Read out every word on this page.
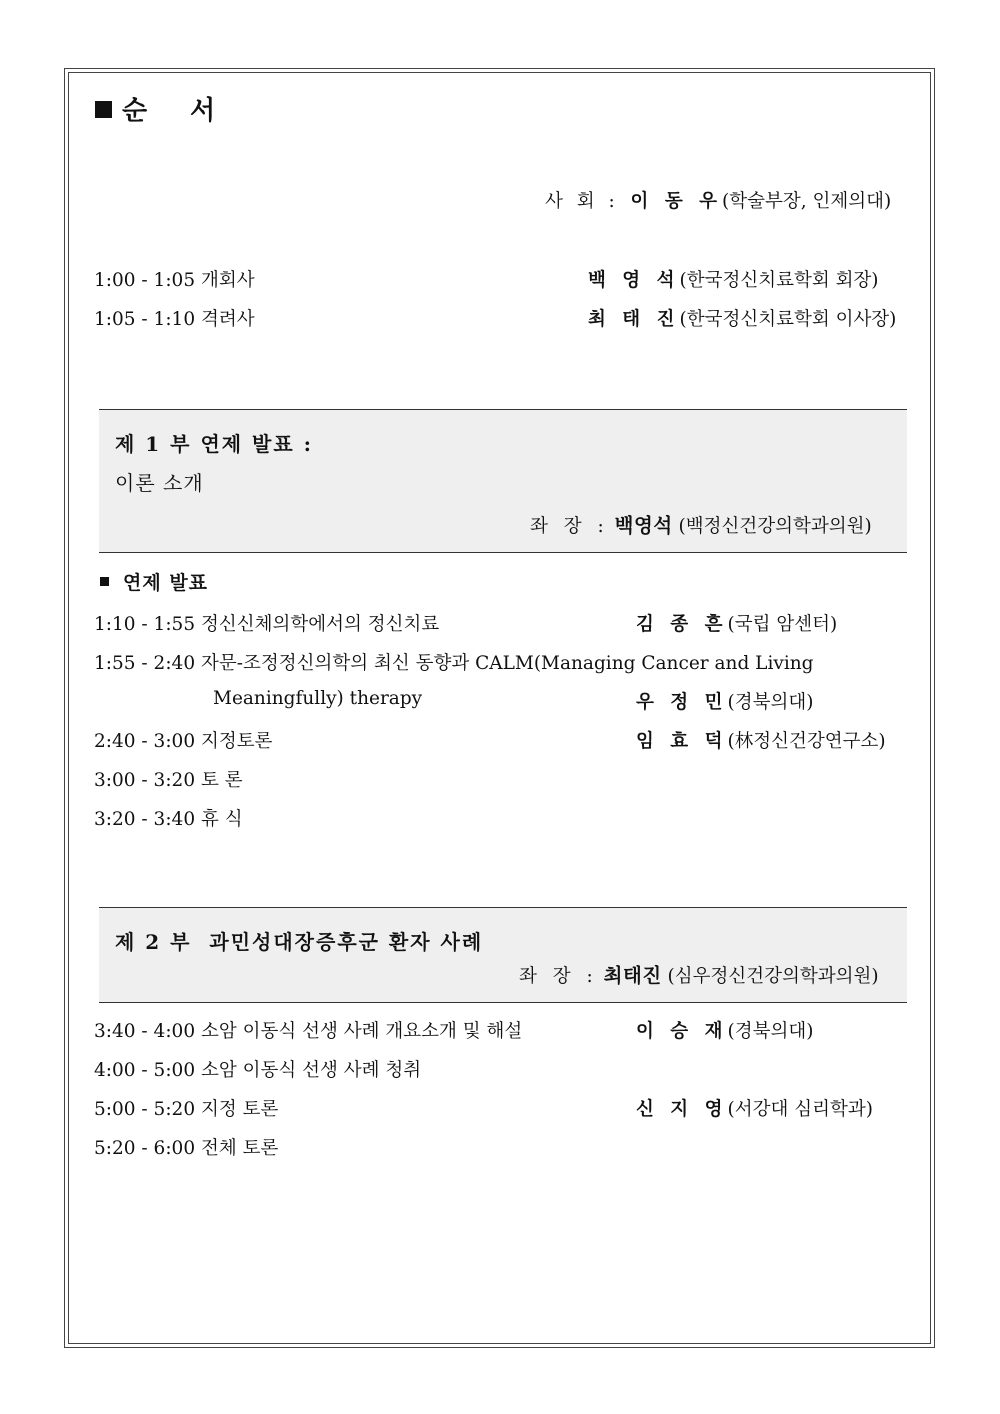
순 서
사 회 : 이 동 우(학술부장, 인제의대)
1:00 - 1:05 개회사	백 영 석(한국정신치료학회 회장)
1:05 - 1:10 격려사	최 태 진(한국정신치료학회 이사장)
제 1 부 연제 발표 :
이론 소개
좌 장 : 백영석 (백정신건강의학과의원)
연제 발표
1:10 - 1:55 정신신체의학에서의 정신치료	김 종 흔(국립 암센터)
1:55 - 2:40 자문-조정정신의학의 최신 동향과 CALM(Managing Cancer and Living
Meaningfully) therapy	우 정 민(경북의대)
2:40 - 3:00 지정토론	임 효 덕(林정신건강연구소)
3:00 - 3:20 토 론
3:20 - 3:40 휴 식
제 2 부  과민성대장증후군 환자 사례
좌 장 : 최태진 (심우정신건강의학과의원)
3:40 - 4:00 소암 이동식 선생 사례 개요소개 및 해설	이 승 재(경북의대)
4:00 - 5:00 소암 이동식 선생 사례 청취
5:00 - 5:20 지정 토론	신 지 영(서강대 심리학과)
5:20 - 6:00 전체 토론
